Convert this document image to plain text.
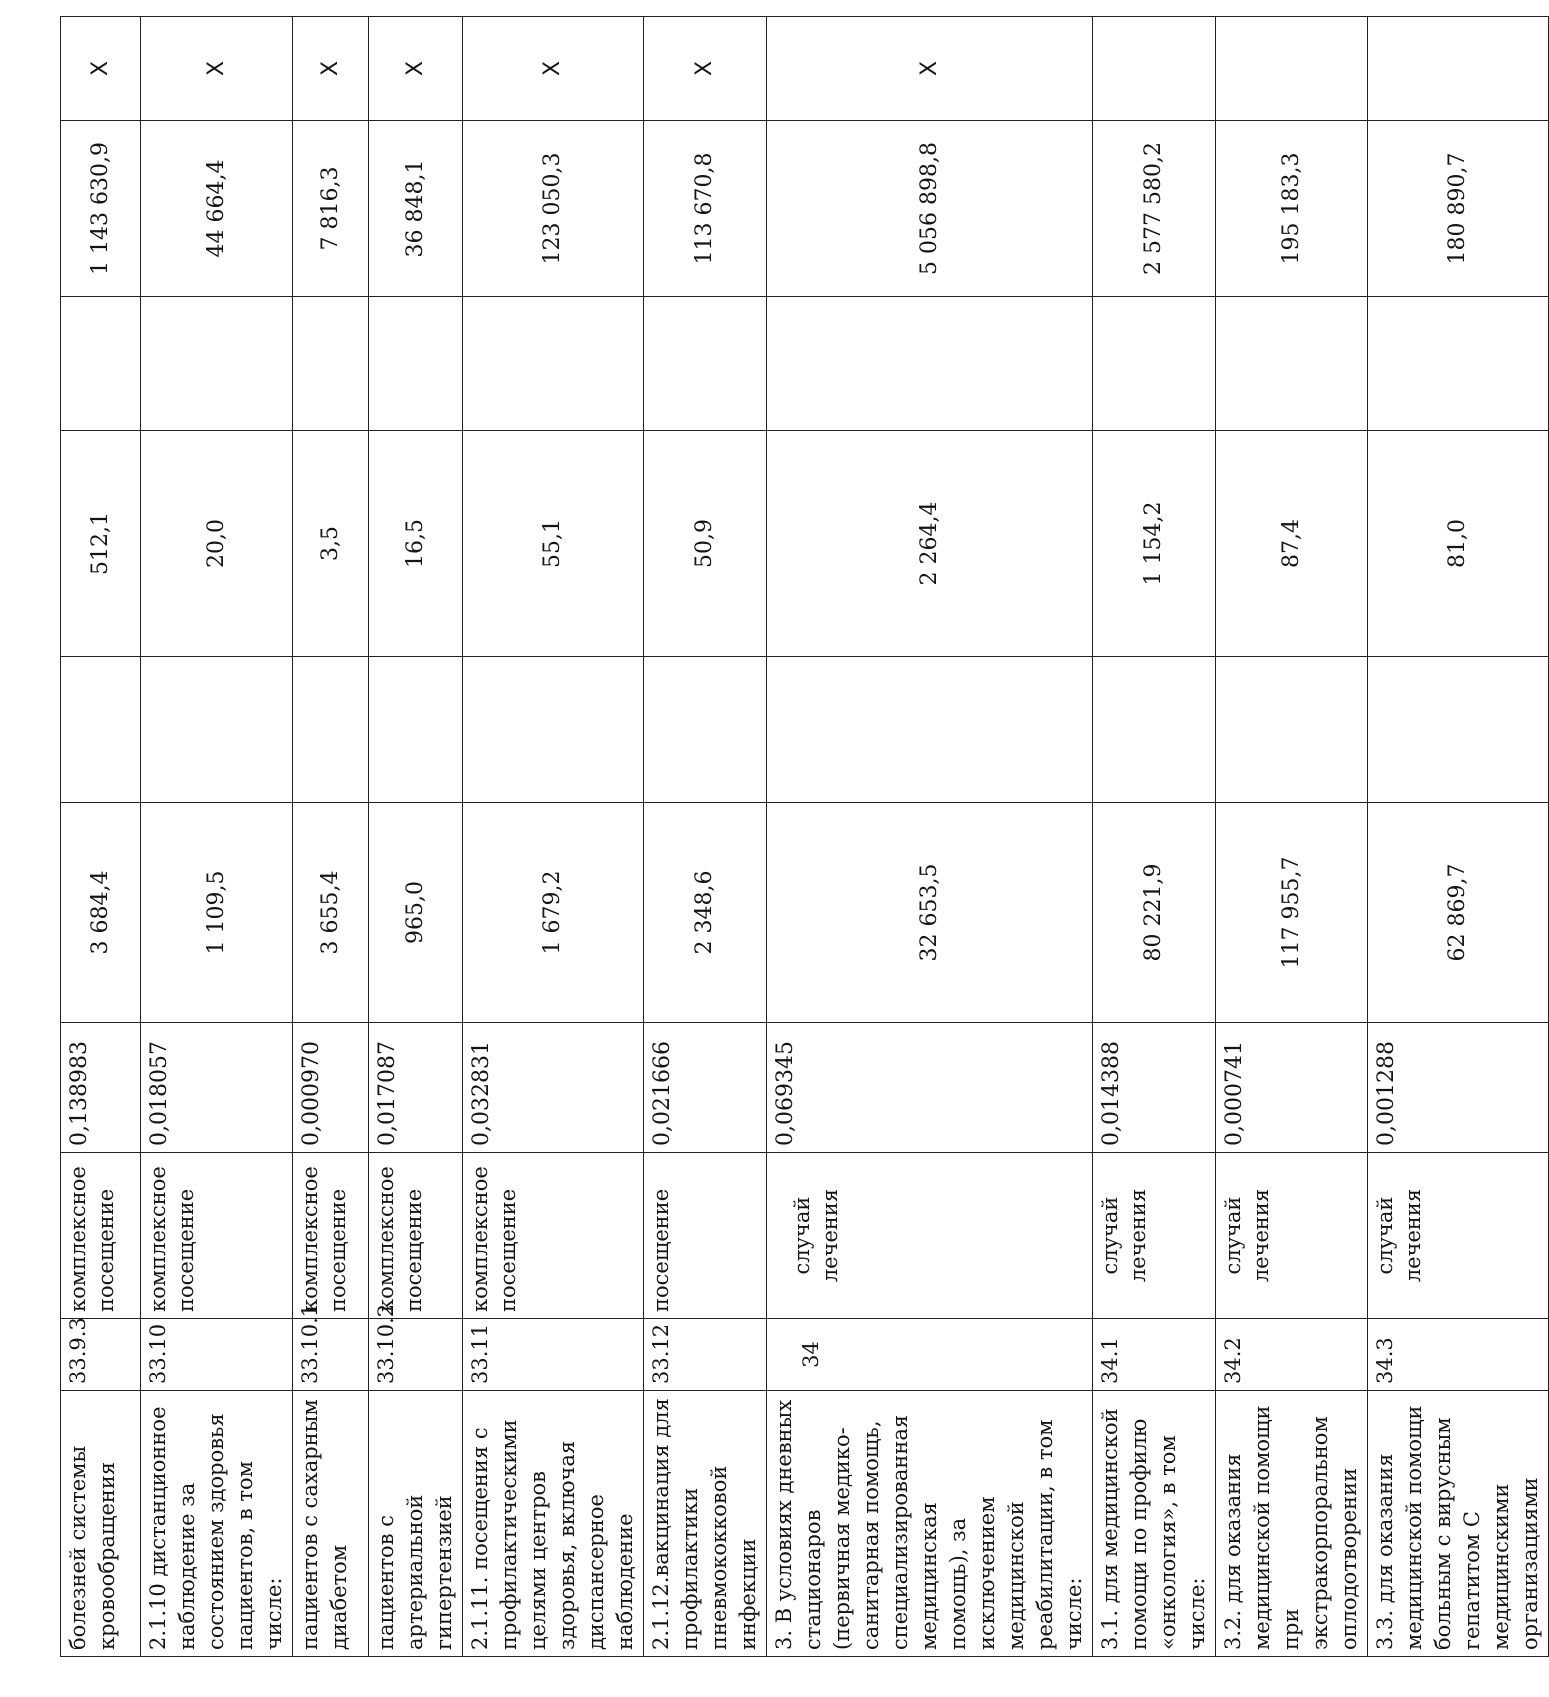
болезней системы кровообращения	33.9.3	комплексное посещение	0,138983	3 684,4		512,1		1 143 630,9	X
2.1.10 дистанционное наблюдение за состоянием здоровья пациентов, в том числе:	33.10	комплексное посещение	0,018057	1 109,5		20,0		44 664,4	X
пациентов с сахарным диабетом	33.10.1	комплексное посещение	0,000970	3 655,4		3,5		7 816,3	X
пациентов с артериальной гипертензией	33.10.2	комплексное посещение	0,017087	965,0		16,5		36 848,1	X
2.1.11. посещения с профилактическими целями центров здоровья, включая диспансерное наблюдение	33.11	комплексное посещение	0,032831	1 679,2		55,1		123 050,3	X
2.1.12.вакцинация для профилактики пневмококковой инфекции	33.12	посещение	0,021666	2 348,6		50,9		113 670,8	X
3. В условиях дневных стационаров (первичная медико-санитарная помощь, специализированная медицинская помощь), за исключением медицинской реабилитации, в том числе:	34	случай лечения	0,069345	32 653,5		2 264,4		5 056 898,8	X
3.1. для медицинской помощи по профилю «онкология», в том числе:	34.1	случай лечения	0,014388	80 221,9		1 154,2		2 577 580,2	
3.2. для оказания медицинской помощи при экстракорпоральном оплодотворении	34.2	случай лечения	0,000741	117 955,7		87,4		195 183,3	
3.3. для оказания медицинской помощи больным с вирусным гепатитом С медицинскими организациями	34.3	случай лечения	0,001288	62 869,7		81,0		180 890,7	
